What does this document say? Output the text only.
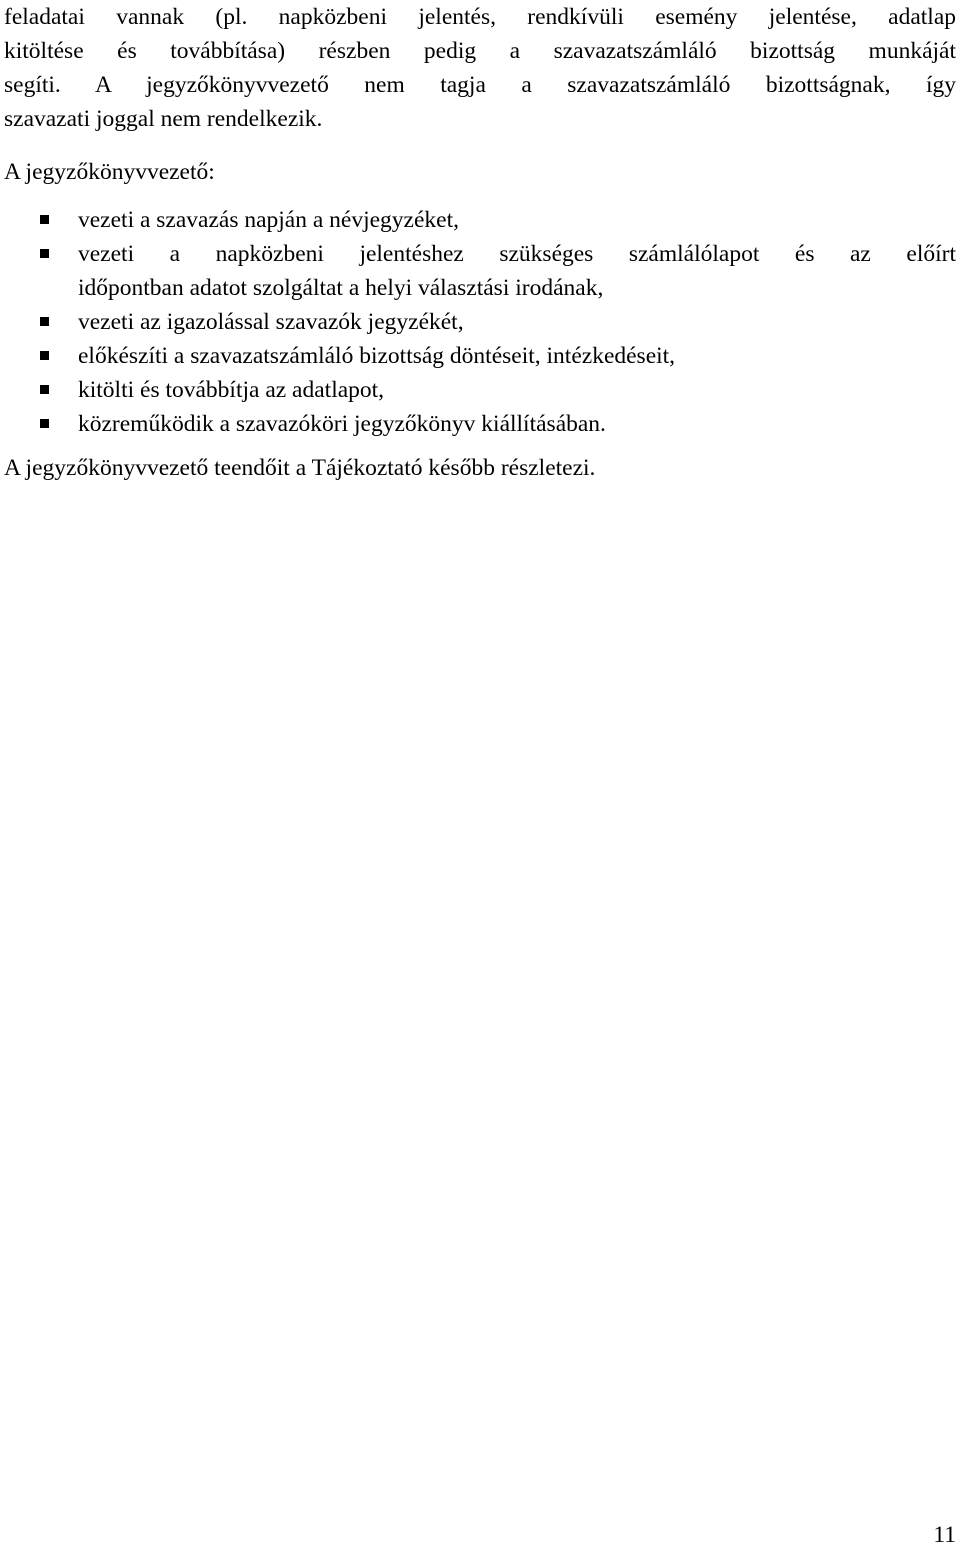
feladatai vannak (pl. napközbeni jelentés, rendkívüli esemény jelentése, adatlap
kitöltése és továbbítása) részben pedig a szavazatszámláló bizottság munkáját
segíti. A jegyzőkönyvvezető nem tagja a szavazatszámláló bizottságnak, így
szavazati joggal nem rendelkezik.
A jegyzőkönyvvezető:
vezeti a szavazás napján a névjegyzéket,
vezeti a napközbeni jelentéshez szükséges számlálólapot és az előírt
időpontban adatot szolgáltat a helyi választási irodának,
vezeti az igazolással szavazók jegyzékét,
előkészíti a szavazatszámláló bizottság döntéseit, intézkedéseit,
kitölti és továbbítja az adatlapot,
közreműködik a szavazóköri jegyzőkönyv kiállításában.
A jegyzőkönyvvezető teendőit a Tájékoztató később részletezi.
11
